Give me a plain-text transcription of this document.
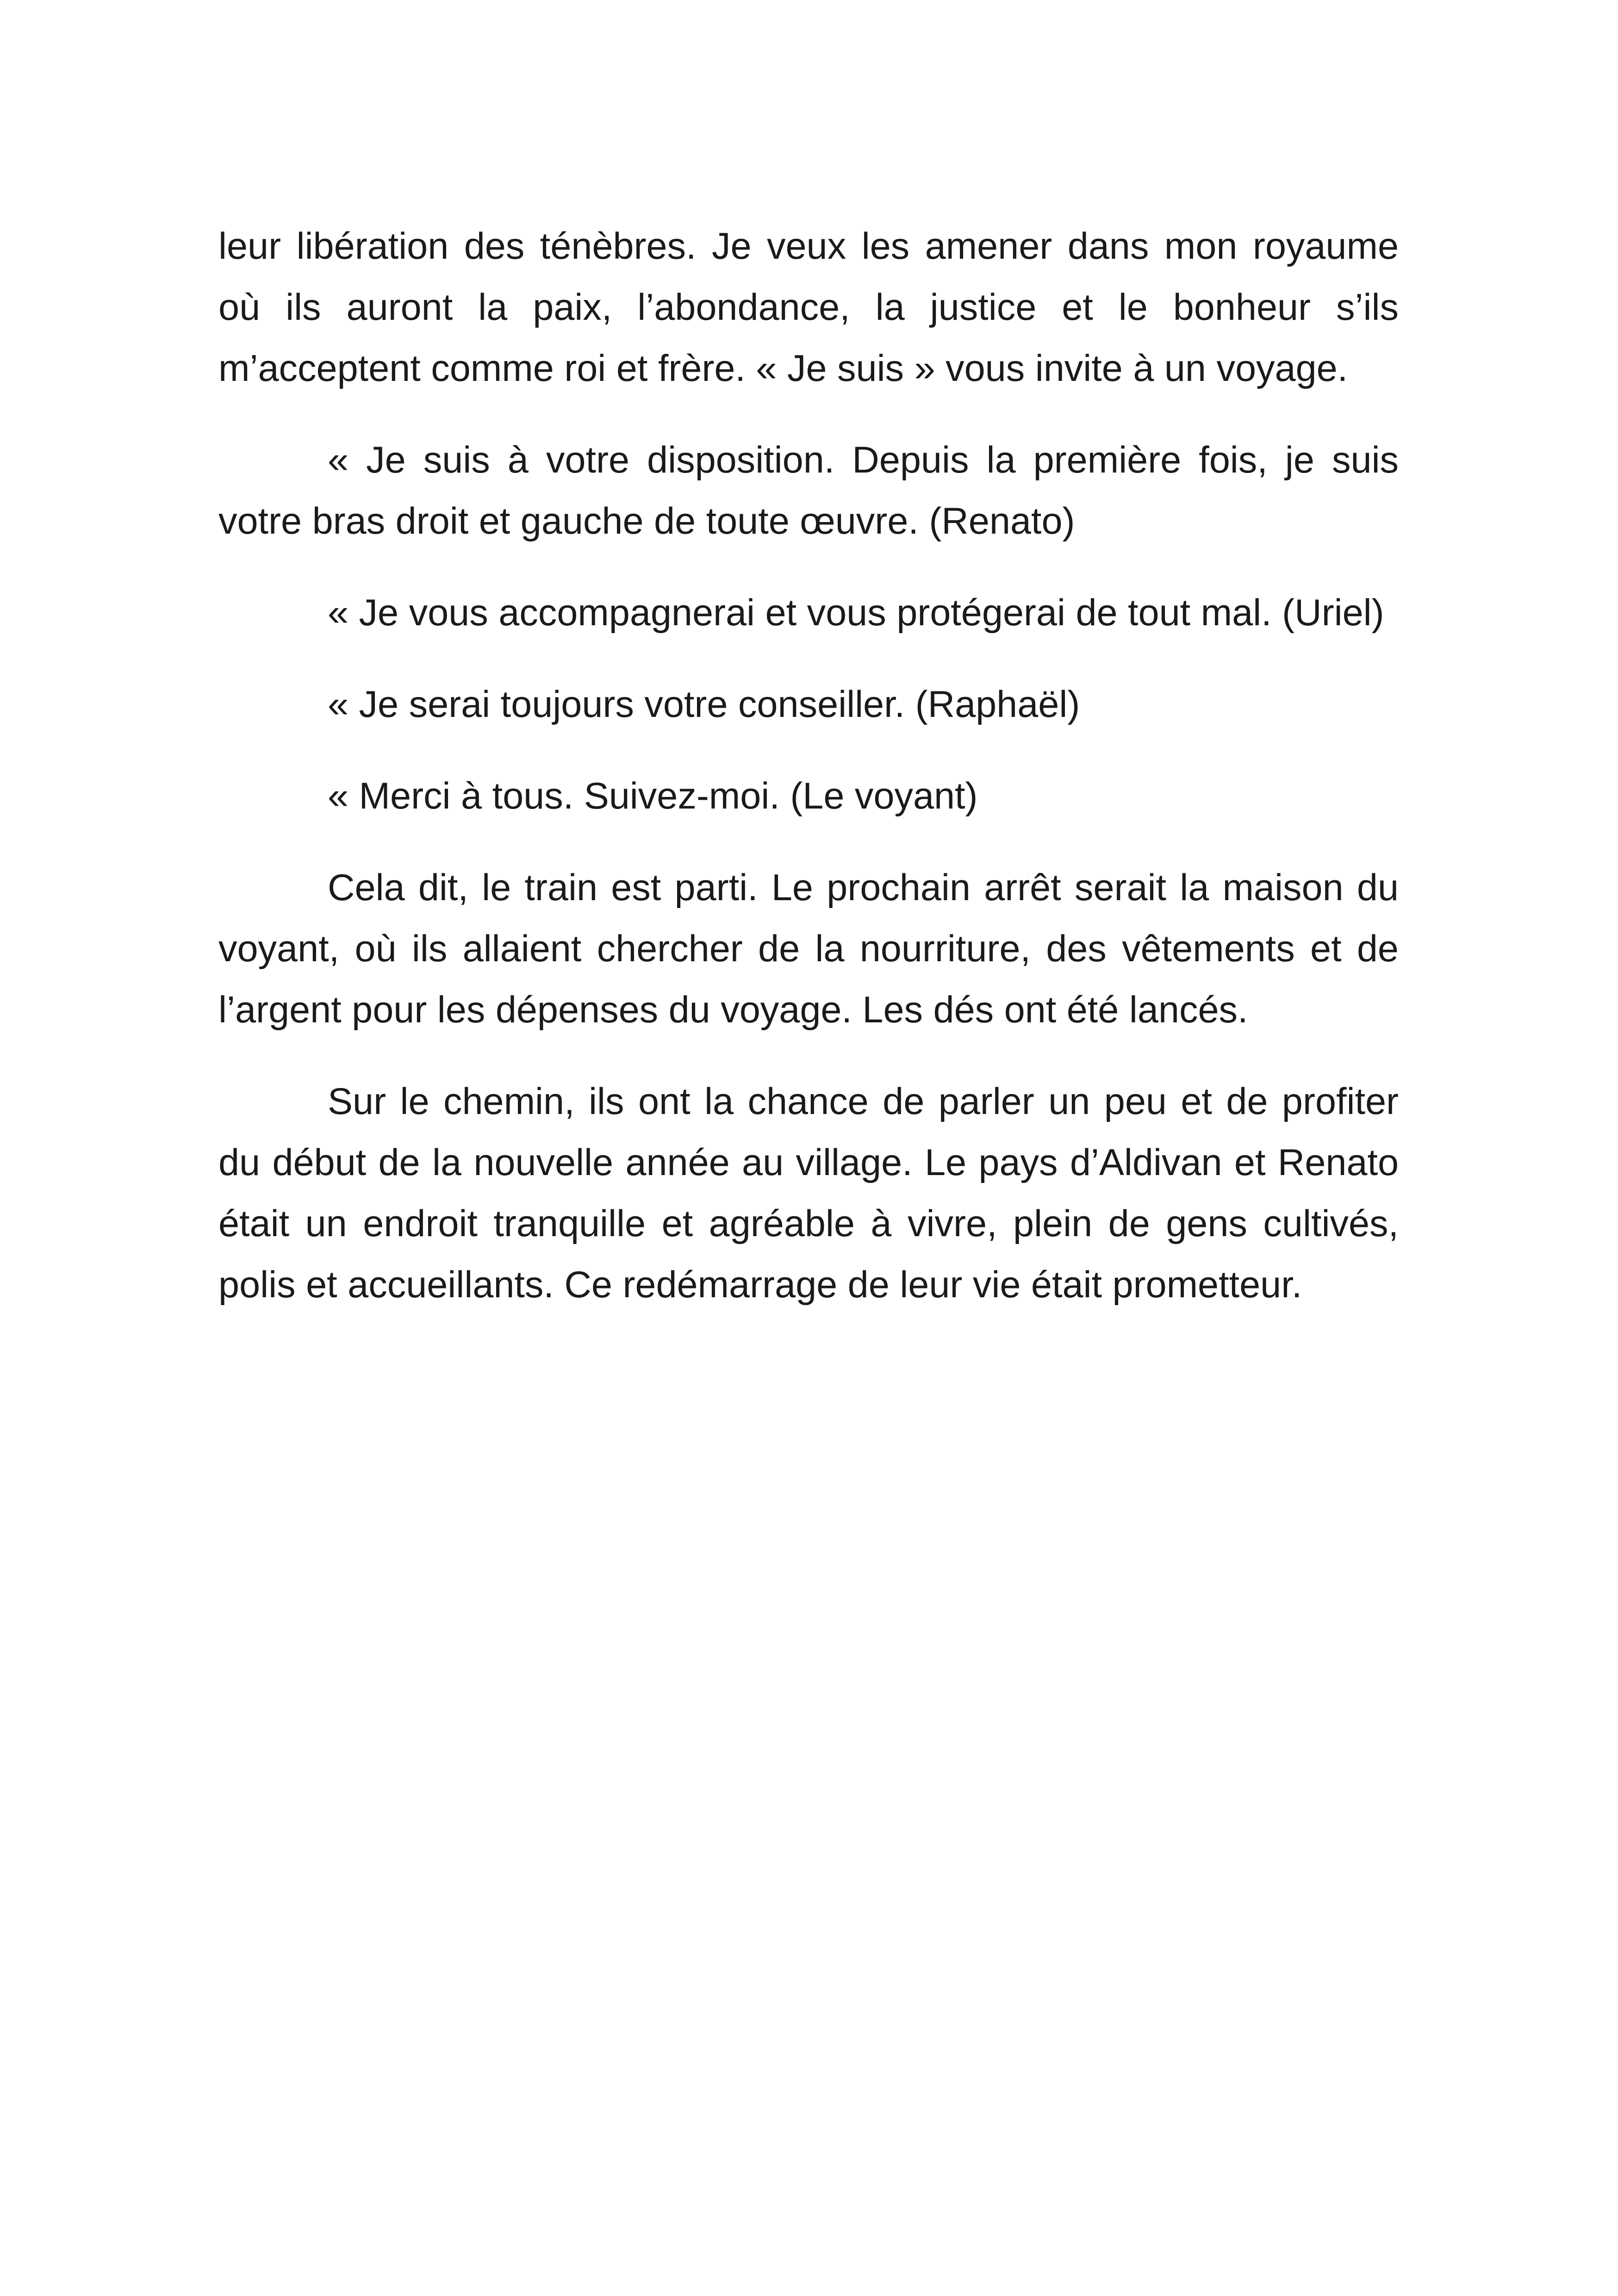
leur libération des ténèbres. Je veux les amener dans mon royaume où ils auront la paix, l’abondance, la justice et le bonheur s’ils m’acceptent comme roi et frère. « Je suis » vous invite à un voyage.

« Je suis à votre disposition. Depuis la première fois, je suis votre bras droit et gauche de toute œuvre. (Renato)

« Je vous accompagnerai et vous protégerai de tout mal. (Uriel)

« Je serai toujours votre conseiller. (Raphaël)

« Merci à tous. Suivez-moi. (Le voyant)

Cela dit, le train est parti. Le prochain arrêt serait la maison du voyant, où ils allaient chercher de la nourriture, des vêtements et de l’argent pour les dépenses du voyage. Les dés ont été lancés.

Sur le chemin, ils ont la chance de parler un peu et de profiter du début de la nouvelle année au village. Le pays d’Aldivan et Renato était un endroit tranquille et agréable à vivre, plein de gens cultivés, polis et accueillants. Ce redémarrage de leur vie était prometteur.
